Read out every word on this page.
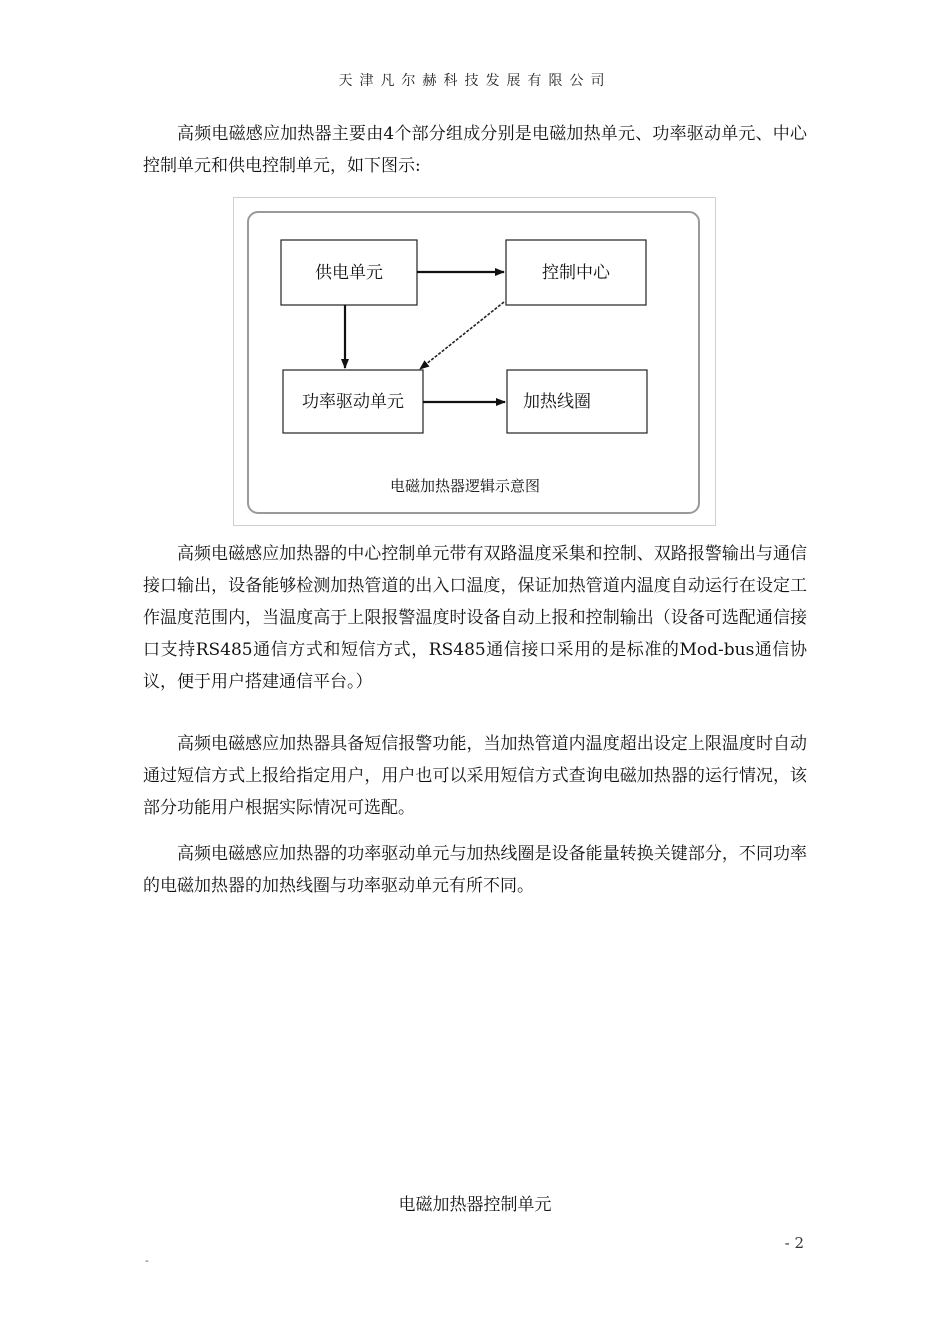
天津凡尔赫科技发展有限公司

高频电磁感应加热器主要由4个部分组成分别是电磁加热单元、功率驱动单元、中心控制单元和供电控制单元，如下图示:

供电单元	控制中心
功率驱动单元	加热线圈
电磁加热器逻辑示意图

高频电磁感应加热器的中心控制单元带有双路温度采集和控制、双路报警输出与通信接口输出，设备能够检测加热管道的出入口温度，保证加热管道内温度自动运行在设定工作温度范围内，当温度高于上限报警温度时设备自动上报和控制输出（设备可选配通信接口支持RS485通信方式和短信方式，RS485通信接口采用的是标准的Mod-bus通信协议，便于用户搭建通信平台。）

高频电磁感应加热器具备短信报警功能，当加热管道内温度超出设定上限温度时自动通过短信方式上报给指定用户，用户也可以采用短信方式查询电磁加热器的运行情况，该部分功能用户根据实际情况可选配。

高频电磁感应加热器的功率驱动单元与加热线圈是设备能量转换关键部分，不同功率的电磁加热器的加热线圈与功率驱动单元有所不同。

电磁加热器控制单元
- 2
-
